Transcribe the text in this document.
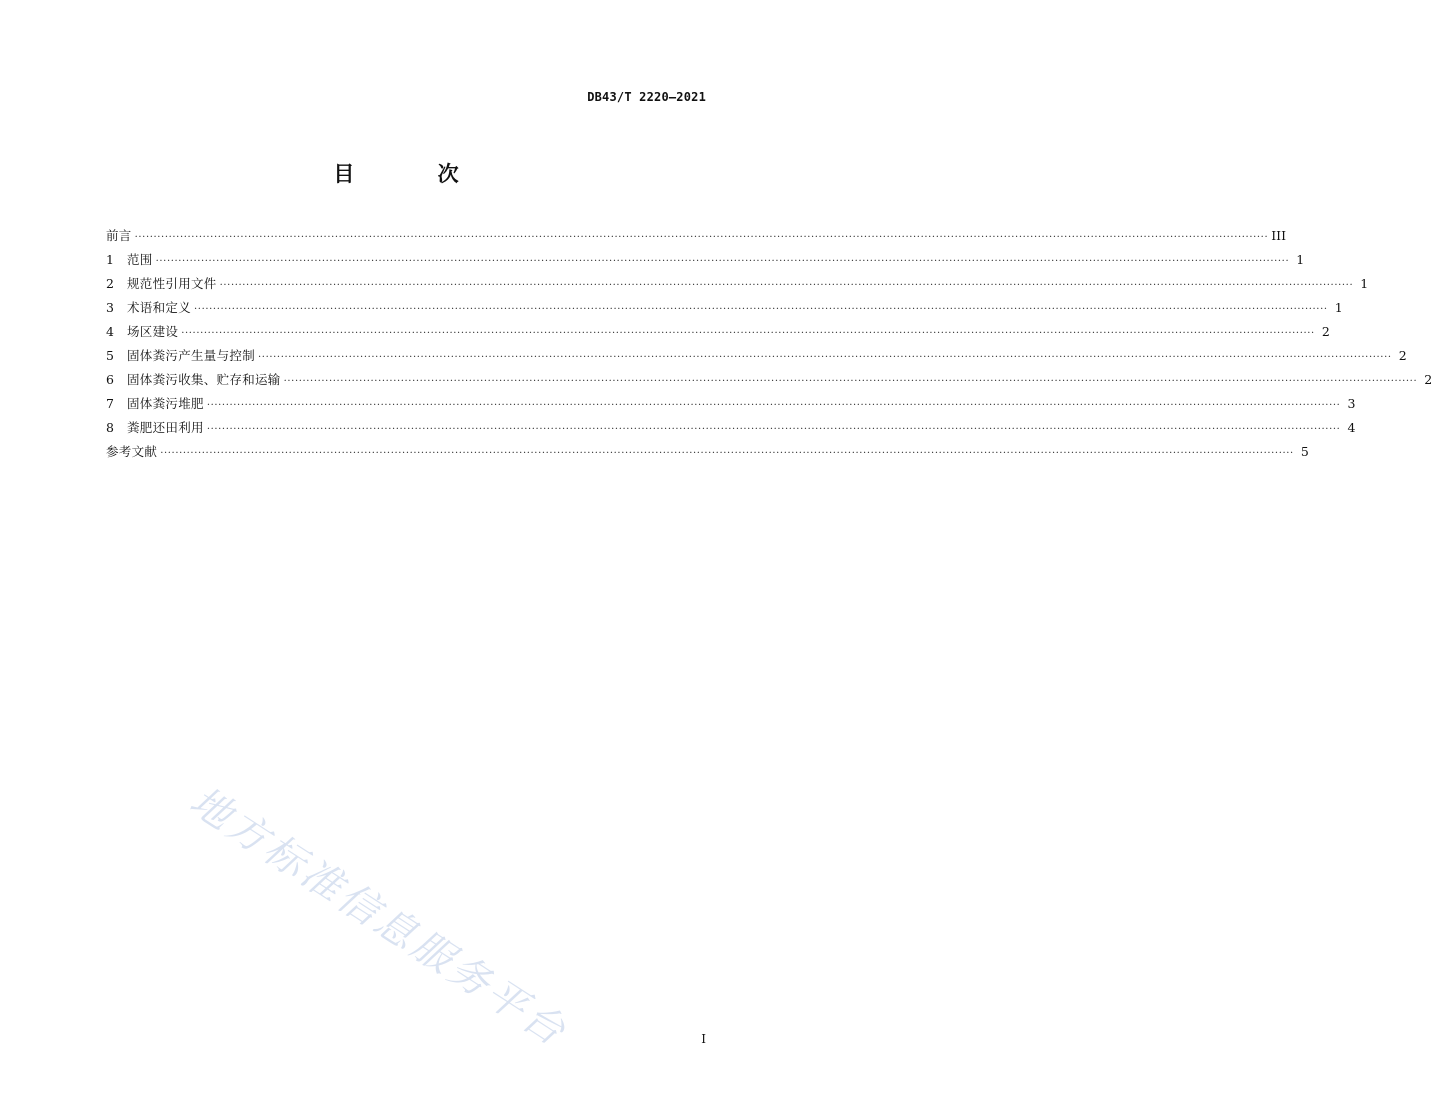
DB43/T 2220—2021
目 次
前言 ············································································································································································································································································································ III
1	范围 ············································································································································································································································································································ 1
2	规范性引用文件 ············································································································································································································································································································ 1
3	术语和定义 ············································································································································································································································································································ 1
4	场区建设 ············································································································································································································································································································ 2
5	固体粪污产生量与控制 ············································································································································································································································································································ 2
6	固体粪污收集、贮存和运输 ············································································································································································································································································································ 2
7	固体粪污堆肥 ············································································································································································································································································································ 3
8	粪肥还田利用 ············································································································································································································································································································ 4
参考文献 ············································································································································································································································································································ 5
地方标准信息服务平台	I
